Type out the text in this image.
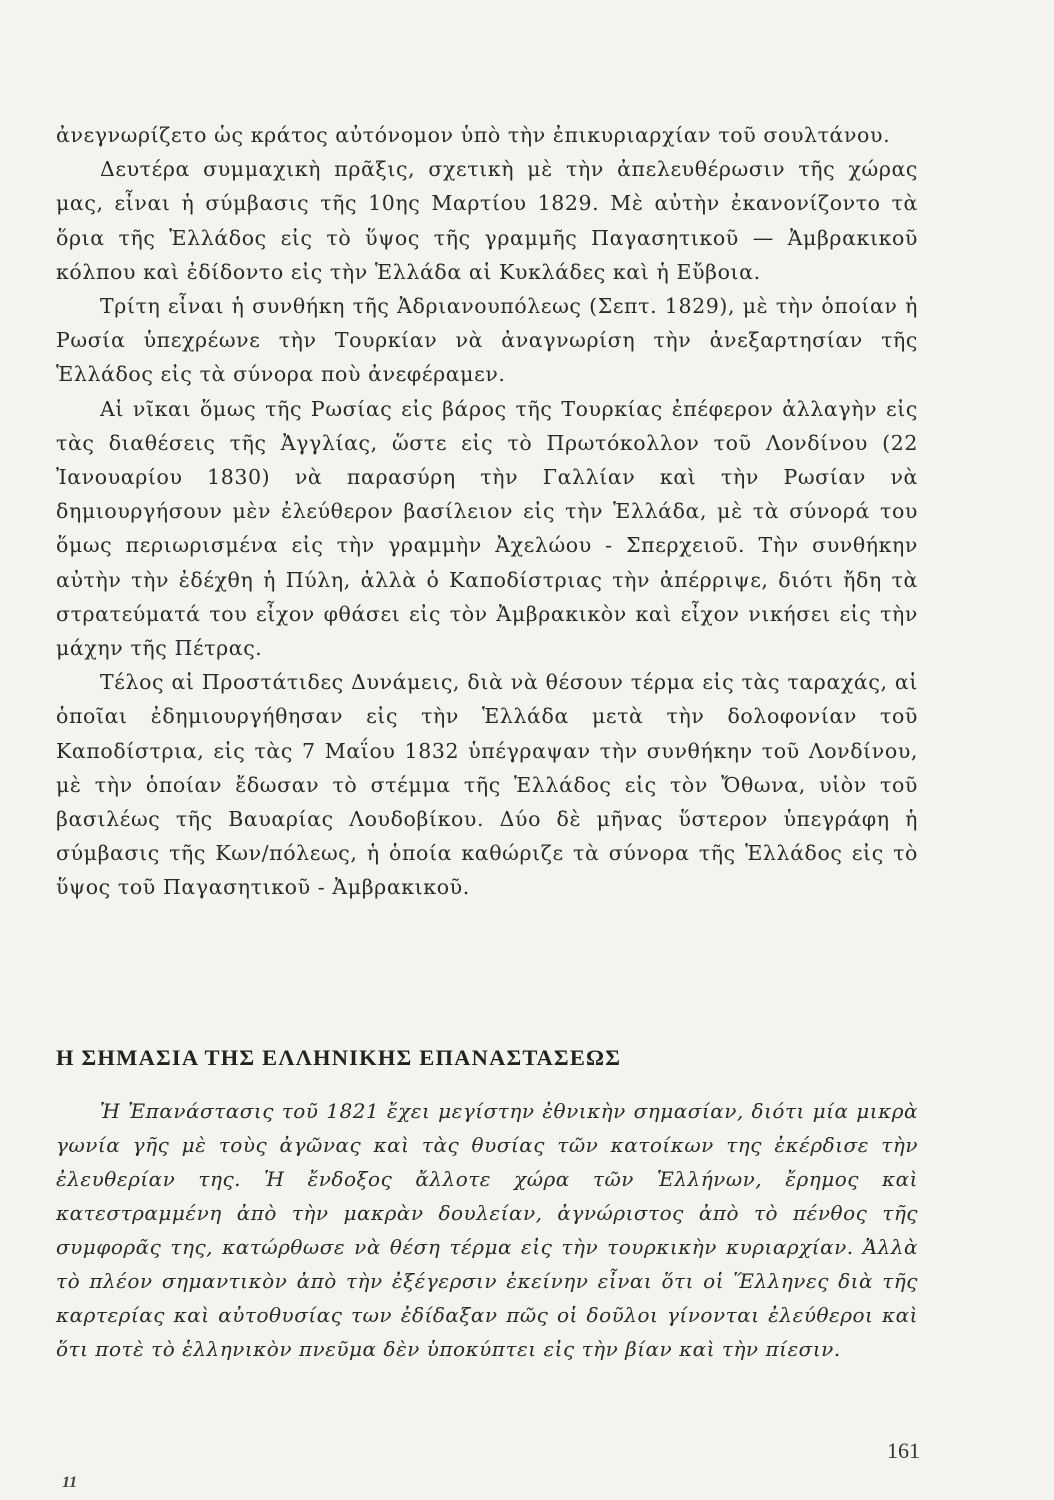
ἀνεγνωρίζετο ὡς κράτος αὐτόνομον ὑπὸ τὴν ἐπικυριαρχίαν τοῦ σουλτάνου.

Δευτέρα συμμαχικὴ πρᾶξις, σχετικὴ μὲ τὴν ἀπελευθέρωσιν τῆς χώρας μας, εἶναι ἡ σύμβασις τῆς 10ης Μαρτίου 1829. Μὲ αὐτὴν ἐκανονίζοντο τὰ ὅρια τῆς Ἑλλάδος εἰς τὸ ὕψος τῆς γραμμῆς Παγασητικοῦ — Ἀμβρακικοῦ κόλπου καὶ ἐδίδοντο εἰς τὴν Ἑλλάδα αἱ Κυκλάδες καὶ ἡ Εὔβοια.

Τρίτη εἶναι ἡ συνθήκη τῆς Ἀδριανουπόλεως (Σεπτ. 1829), μὲ τὴν ὁποίαν ἡ Ρωσία ὑπεχρέωνε τὴν Τουρκίαν νὰ ἀναγνωρίση τὴν ἀνεξαρτησίαν τῆς Ἑλλάδος εἰς τὰ σύνορα ποὺ ἀνεφέραμεν.

Αἱ νῖκαι ὅμως τῆς Ρωσίας εἰς βάρος τῆς Τουρκίας ἐπέφερον ἀλλαγὴν εἰς τὰς διαθέσεις τῆς Ἀγγλίας, ὥστε εἰς τὸ Πρωτόκολλον τοῦ Λονδίνου (22 Ἰανουαρίου 1830) νὰ παρασύρη τὴν Γαλλίαν καὶ τὴν Ρωσίαν νὰ δημιουργήσουν μὲν ἐλεύθερον βασίλειον εἰς τὴν Ἑλλάδα, μὲ τὰ σύνορά του ὅμως περιωρισμένα εἰς τὴν γραμμὴν Ἀχελώου - Σπερχειοῦ. Τὴν συνθήκην αὐτὴν τὴν ἐδέχθη ἡ Πύλη, ἀλλὰ ὁ Καποδίστριας τὴν ἀπέρριψε, διότι ἤδη τὰ στρατεύματά του εἶχον φθάσει εἰς τὸν Ἀμβρακικὸν καὶ εἶχον νικήσει εἰς τὴν μάχην τῆς Πέτρας.

Τέλος αἱ Προστάτιδες Δυνάμεις, διὰ νὰ θέσουν τέρμα εἰς τὰς ταραχάς, αἱ ὁποῖαι ἐδημιουργήθησαν εἰς τὴν Ἑλλάδα μετὰ τὴν δολοφονίαν τοῦ Καποδίστρια, εἰς τὰς 7 Μαΐου 1832 ὑπέγραψαν τὴν συνθήκην τοῦ Λονδίνου, μὲ τὴν ὁποίαν ἔδωσαν τὸ στέμμα τῆς Ἑλλάδος εἰς τὸν Ὄθωνα, υἱὸν τοῦ βασιλέως τῆς Βαυαρίας Λουδοβίκου. Δύο δὲ μῆνας ὕστερον ὑπεγράφη ἡ σύμβασις τῆς Κων/πόλεως, ἡ ὁποία καθώριζε τὰ σύνορα τῆς Ἑλλάδος εἰς τὸ ὕψος τοῦ Παγασητικοῦ - Ἀμβρακικοῦ.

Η ΣΗΜΑΣΙΑ ΤΗΣ ΕΛΛΗΝΙΚΗΣ ΕΠΑΝΑΣΤΑΣΕΩΣ

Ἡ Ἐπανάστασις τοῦ 1821 ἔχει μεγίστην ἐθνικὴν σημασίαν, διότι μία μικρὰ γωνία γῆς μὲ τοὺς ἀγῶνας καὶ τὰς θυσίας τῶν κατοίκων της ἐκέρδισε τὴν ἐλευθερίαν της. Ἡ ἔνδοξος ἄλλοτε χώρα τῶν Ἑλλήνων, ἔρημος καὶ κατεστραμμένη ἀπὸ τὴν μακρὰν δουλείαν, ἀγνώριστος ἀπὸ τὸ πένθος τῆς συμφορᾶς της, κατώρθωσε νὰ θέση τέρμα εἰς τὴν τουρκικὴν κυριαρχίαν. Ἀλλὰ τὸ πλέον σημαντικὸν ἀπὸ τὴν ἐξέγερσιν ἐκείνην εἶναι ὅτι οἱ Ἕλληνες διὰ τῆς καρτερίας καὶ αὐτοθυσίας των ἐδίδαξαν πῶς οἱ δοῦλοι γίνονται ἐλεύθεροι καὶ ὅτι ποτὲ τὸ ἑλληνικὸν πνεῦμα δὲν ὑποκύπτει εἰς τὴν βίαν καὶ τὴν πίεσιν.

161
11
